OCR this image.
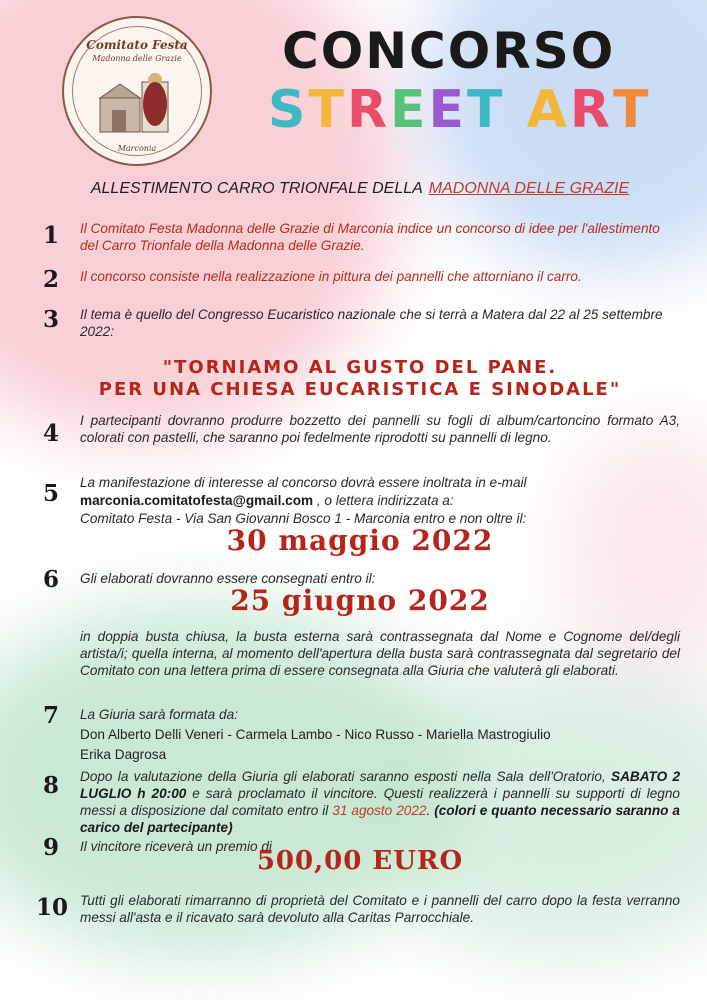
Comitato Festa
Madonna delle Grazie
Marconia
CONCORSO
STREET ART
ALLESTIMENTO CARRO TRIONFALE DELLA MADONNA DELLE GRAZIE
1	Il Comitato Festa Madonna delle Grazie di Marconia indice un concorso di idee per l'allestimento del Carro Trionfale della Madonna delle Grazie.
2	Il concorso consiste nella realizzazione in pittura dei pannelli che attorniano il carro.
3	Il tema è quello del Congresso Eucaristico nazionale che si terrà a Matera dal 22 al 25 settembre 2022:
"TORNIAMO AL GUSTO DEL PANE.
PER UNA CHIESA EUCARISTICA E SINODALE"
4	I partecipanti dovranno produrre bozzetto dei pannelli su fogli di album/cartoncino formato A3, colorati con pastelli, che saranno poi fedelmente riprodotti su pannelli di legno.
5	La manifestazione di interesse al concorso dovrà essere inoltrata in e-mail
marconia.comitatofesta@gmail.com , o lettera indirizzata a:
Comitato Festa - Via San Giovanni Bosco 1 - Marconia entro e non oltre il:
30 maggio 2022
6	Gli elaborati dovranno essere consegnati entro il:
25 giugno 2022
in doppia busta chiusa, la busta esterna sarà contrassegnata dal Nome e Cognome del/degli artista/i; quella interna, al momento dell'apertura della busta sarà contrassegnata dal segretario del Comitato con una lettera prima di essere consegnata alla Giuria che valuterà gli elaborati.
7	La Giuria sarà formata da:
Don Alberto Delli Veneri - Carmela Lambo - Nico Russo - Mariella Mastrogiulio
Erika Dagrosa
8	Dopo la valutazione della Giuria gli elaborati saranno esposti nella Sala dell'Oratorio, SABATO 2 LUGLIO h 20:00 e sarà proclamato il vincitore. Questi realizzerà i pannelli su supporti di legno messi a disposizione dal comitato entro il 31 agosto 2022. (colori e quanto necessario saranno a carico del partecipante)
9	Il vincitore riceverà un premio di
500,00 EURO
10 Tutti gli elaborati rimarranno di proprietà del Comitato e i pannelli del carro dopo la festa verranno messi all'asta e il ricavato sarà devoluto alla Caritas Parrocchiale.
